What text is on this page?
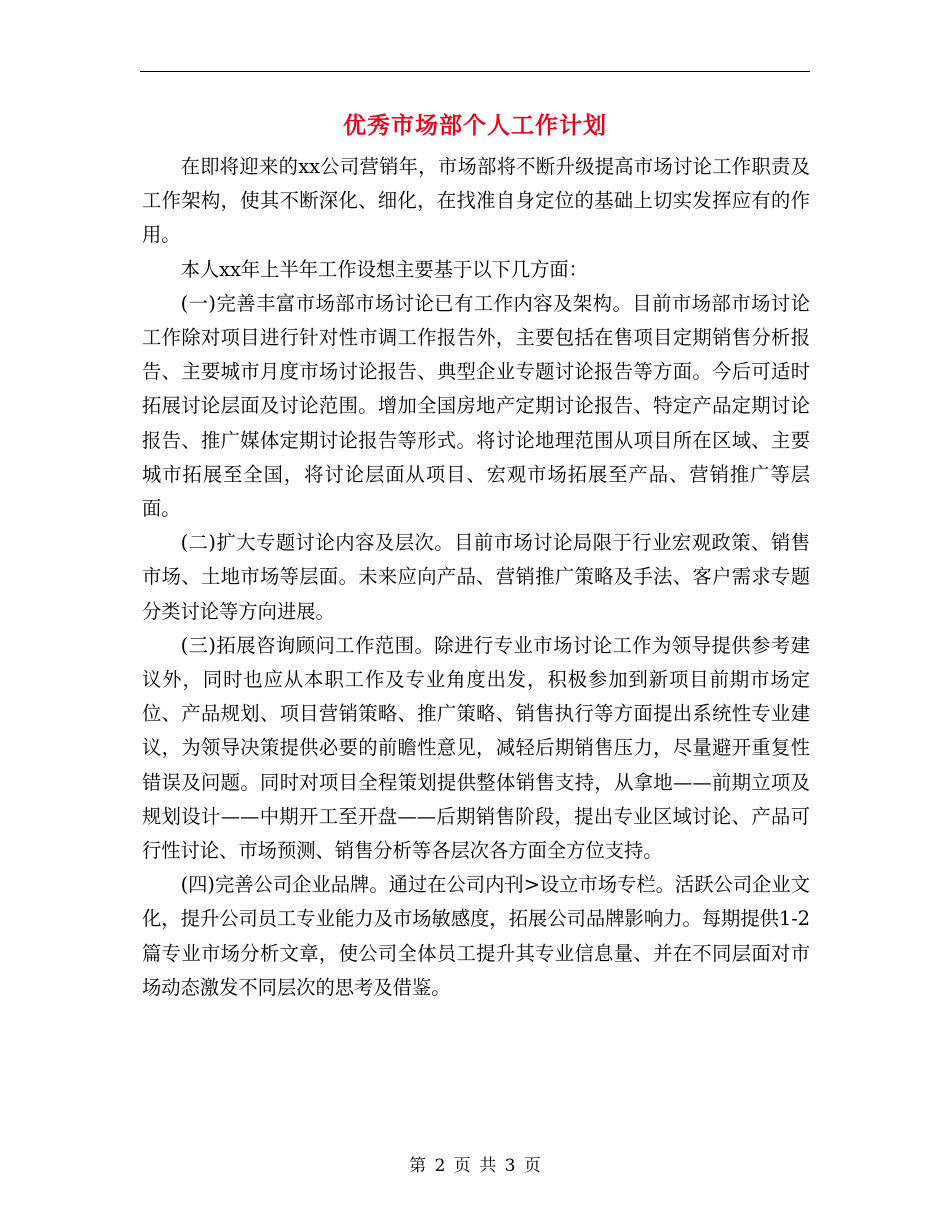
优秀市场部个人工作计划

在即将迎来的xx公司营销年，市场部将不断升级提高市场讨论工作职责及工作架构，使其不断深化、细化，在找准自身定位的基础上切实发挥应有的作用。

本人xx年上半年工作设想主要基于以下几方面：

(一)完善丰富市场部市场讨论已有工作内容及架构。目前市场部市场讨论工作除对项目进行针对性市调工作报告外，主要包括在售项目定期销售分析报告、主要城市月度市场讨论报告、典型企业专题讨论报告等方面。今后可适时拓展讨论层面及讨论范围。增加全国房地产定期讨论报告、特定产品定期讨论报告、推广媒体定期讨论报告等形式。将讨论地理范围从项目所在区域、主要城市拓展至全国，将讨论层面从项目、宏观市场拓展至产品、营销推广等层面。

(二)扩大专题讨论内容及层次。目前市场讨论局限于行业宏观政策、销售市场、土地市场等层面。未来应向产品、营销推广策略及手法、客户需求专题分类讨论等方向进展。

(三)拓展咨询顾问工作范围。除进行专业市场讨论工作为领导提供参考建议外，同时也应从本职工作及专业角度出发，积极参加到新项目前期市场定位、产品规划、项目营销策略、推广策略、销售执行等方面提出系统性专业建议，为领导决策提供必要的前瞻性意见，减轻后期销售压力，尽量避开重复性错误及问题。同时对项目全程策划提供整体销售支持，从拿地——前期立项及规划设计——中期开工至开盘——后期销售阶段，提出专业区域讨论、产品可行性讨论、市场预测、销售分析等各层次各方面全方位支持。

(四)完善公司企业品牌。通过在公司内刊>设立市场专栏。活跃公司企业文化，提升公司员工专业能力及市场敏感度，拓展公司品牌影响力。每期提供1-2篇专业市场分析文章，使公司全体员工提升其专业信息量、并在不同层面对市场动态激发不同层次的思考及借鉴。

第 2 页 共 3 页
